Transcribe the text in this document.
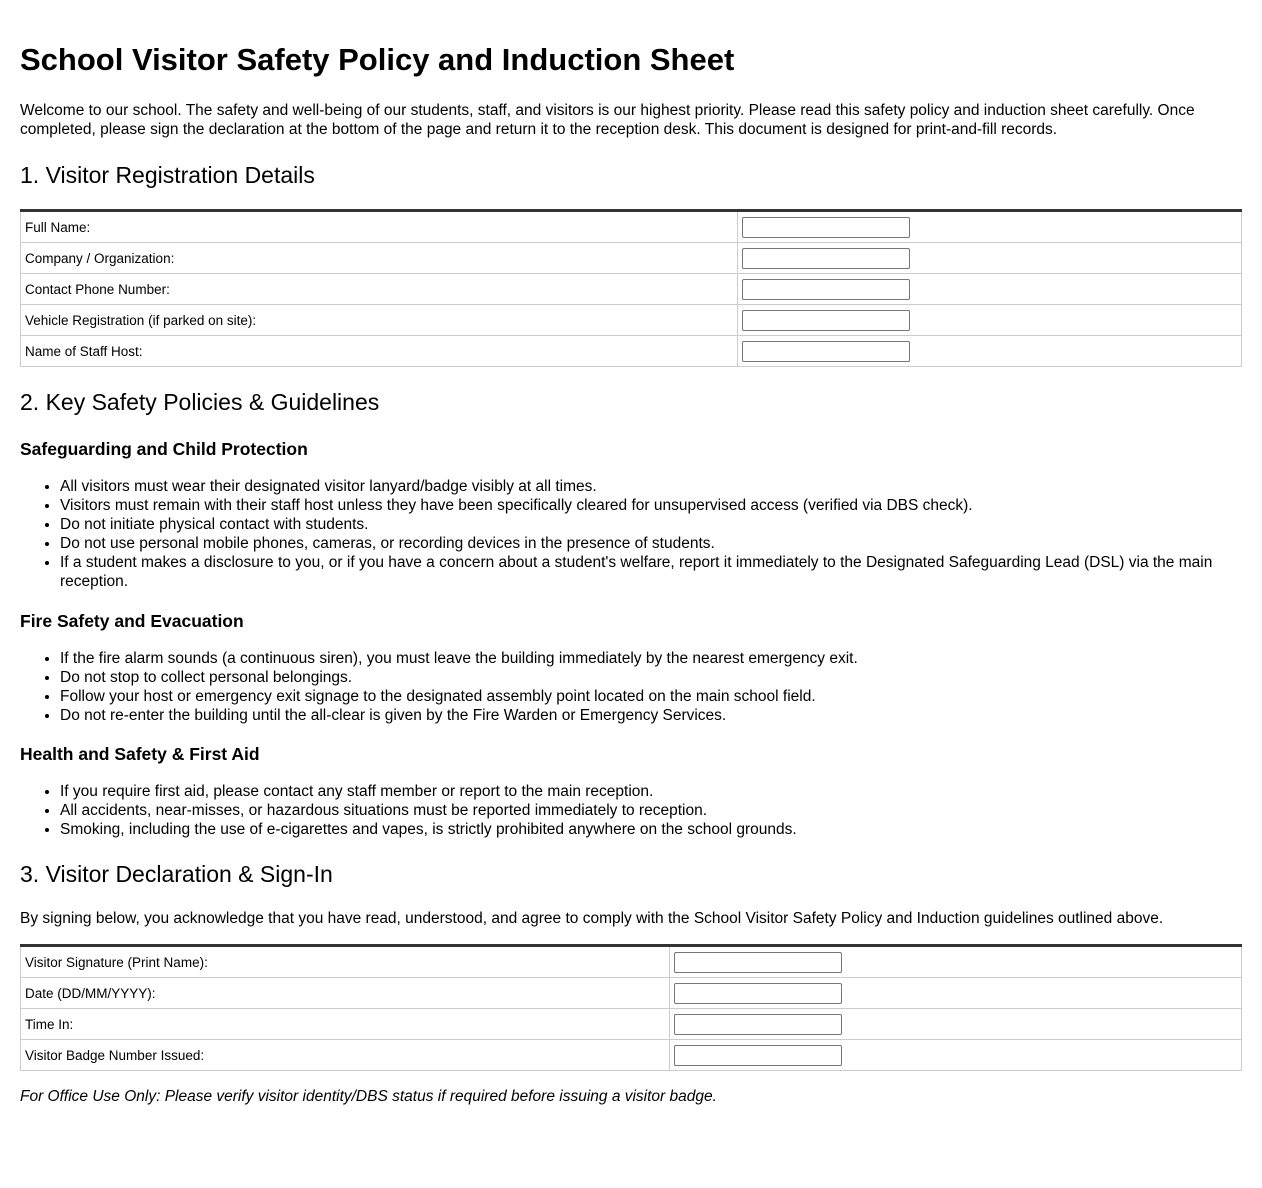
School Visitor Safety Policy and Induction Sheet

Welcome to our school. The safety and well-being of our students, staff, and visitors is our highest priority. Please read this safety policy and induction sheet carefully. Once completed, please sign the declaration at the bottom of the page and return it to the reception desk. This document is designed for print-and-fill records.

1. Visitor Registration Details
Full Name:	

Company / Organization:	

Contact Phone Number:	

Vehicle Registration (if parked on site):	

Name of Staff Host:	
2. Key Safety Policies & Guidelines
Safeguarding and Child Protection
• All visitors must wear their designated visitor lanyard/badge visibly at all times.
• Visitors must remain with their staff host unless they have been specifically cleared for unsupervised access (verified via DBS check).
• Do not initiate physical contact with students.
• Do not use personal mobile phones, cameras, or recording devices in the presence of students.
• If a student makes a disclosure to you, or if you have a concern about a student's welfare, report it immediately to the Designated Safeguarding Lead (DSL) via the main reception.
Fire Safety and Evacuation
• If the fire alarm sounds (a continuous siren), you must leave the building immediately by the nearest emergency exit.
• Do not stop to collect personal belongings.
• Follow your host or emergency exit signage to the designated assembly point located on the main school field.
• Do not re-enter the building until the all-clear is given by the Fire Warden or Emergency Services.
Health and Safety & First Aid
• If you require first aid, please contact any staff member or report to the main reception.
• All accidents, near-misses, or hazardous situations must be reported immediately to reception.
• Smoking, including the use of e-cigarettes and vapes, is strictly prohibited anywhere on the school grounds.
3. Visitor Declaration & Sign-In

By signing below, you acknowledge that you have read, understood, and agree to comply with the School Visitor Safety Policy and Induction guidelines outlined above.

Visitor Signature (Print Name):	

Date (DD/MM/YYYY):	

Time In:	

Visitor Badge Number Issued:	

For Office Use Only: Please verify visitor identity/DBS status if required before issuing a visitor badge.
